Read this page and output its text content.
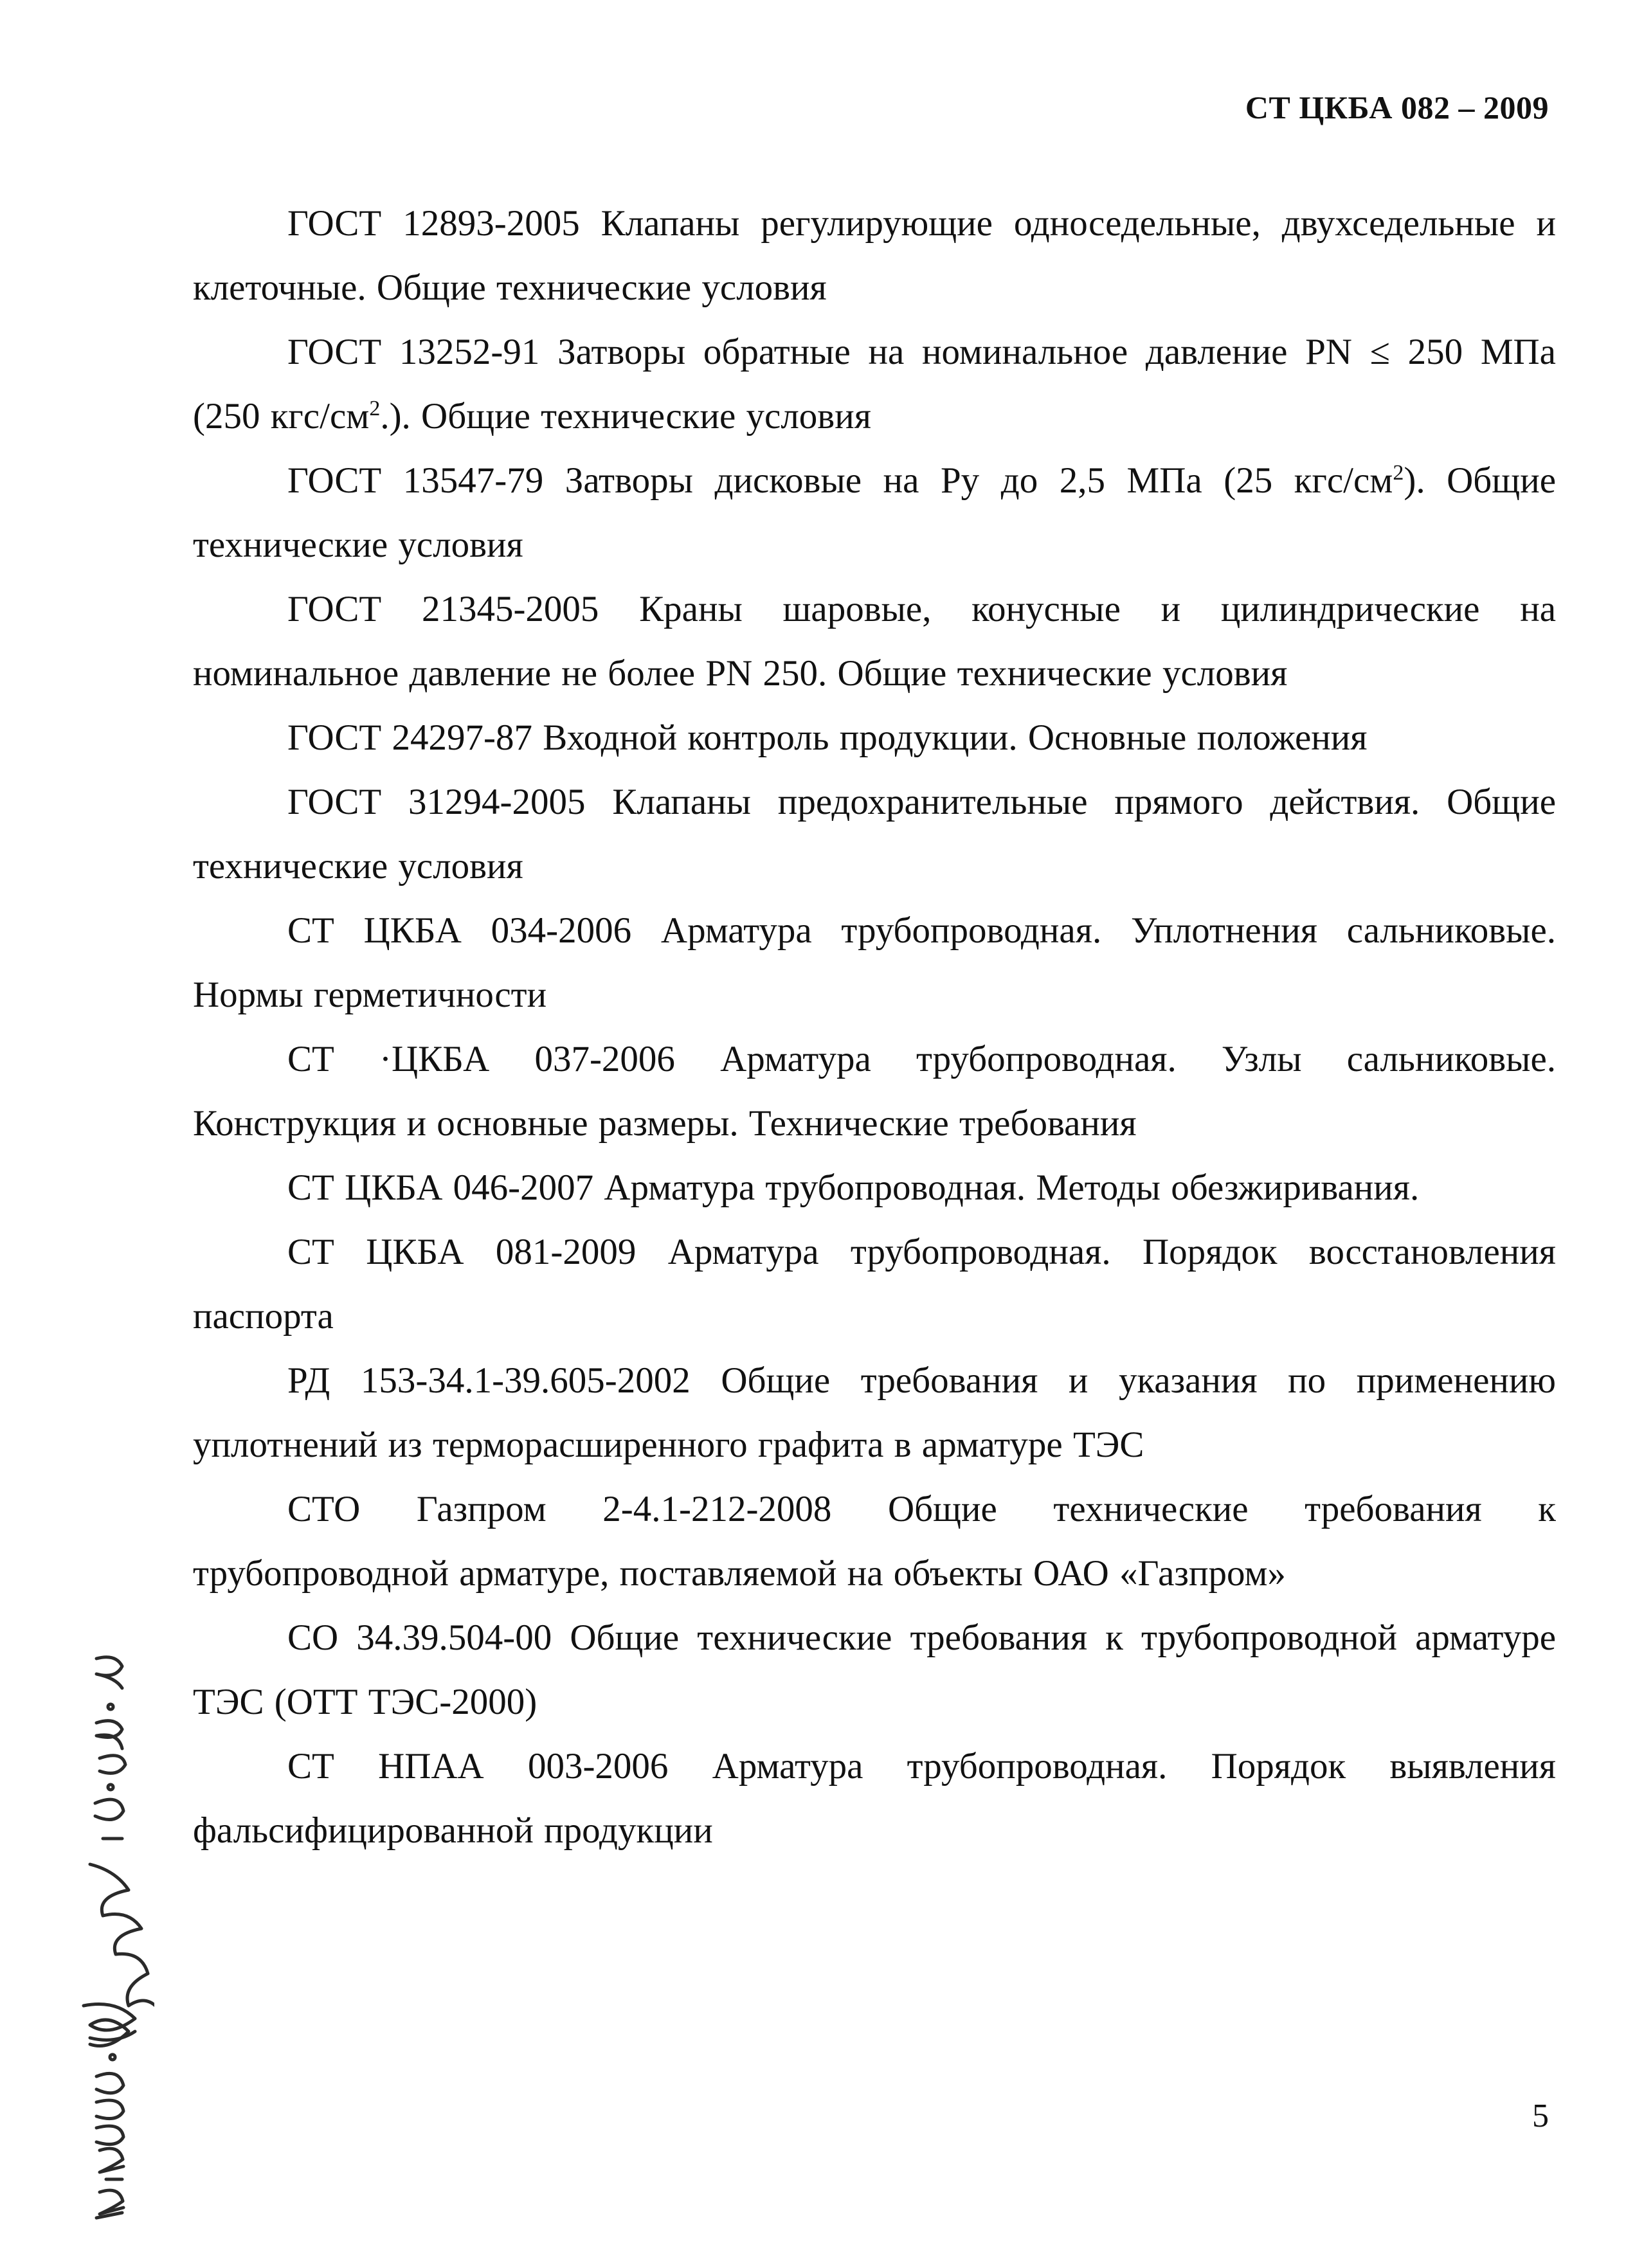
СТ ЦКБА 082 – 2009

ГОСТ 12893-2005 Клапаны регулирующие односедельные, двухседельные и
клеточные. Общие технические условия

ГОСТ 13252-91 Затворы обратные на номинальное давление PN ≤ 250 МПа
(250 кгс/$см^2$.). Общие технические условия

ГОСТ 13547-79 Затворы дисковые на Ру до 2,5 МПа (25 кгс/$см^2$). Общие
технические условия

ГОСТ 21345-2005 Краны шаровые, конусные и цилиндрические на
номинальное давление не более PN 250. Общие технические условия

ГОСТ 24297-87 Входной контроль продукции. Основные положения

ГОСТ 31294-2005 Клапаны предохранительные прямого действия. Общие
технические условия

СТ ЦКБА 034-2006 Арматура трубопроводная. Уплотнения сальниковые.
Нормы герметичности

СТ ·ЦКБА 037-2006 Арматура трубопроводная. Узлы сальниковые.
Конструкция и основные размеры. Технические требования

СТ ЦКБА 046-2007 Арматура трубопроводная. Методы обезжиривания.

СТ ЦКБА 081-2009 Арматура трубопроводная. Порядок восстановления
паспорта

РД 153-34.1-39.605-2002 Общие требования и указания по применению
уплотнений из терморасширенного графита в арматуре ТЭС

СТО Газпром 2-4.1-212-2008 Общие технические требования к
трубопроводной арматуре, поставляемой на объекты ОАО «Газпром»

СО 34.39.504-00 Общие технические требования к трубопроводной арматуре
ТЭС (ОТТ ТЭС-2000)

СТ НПАА 003-2006 Арматура трубопроводная. Порядок выявления
фальсифицированной продукции

5
